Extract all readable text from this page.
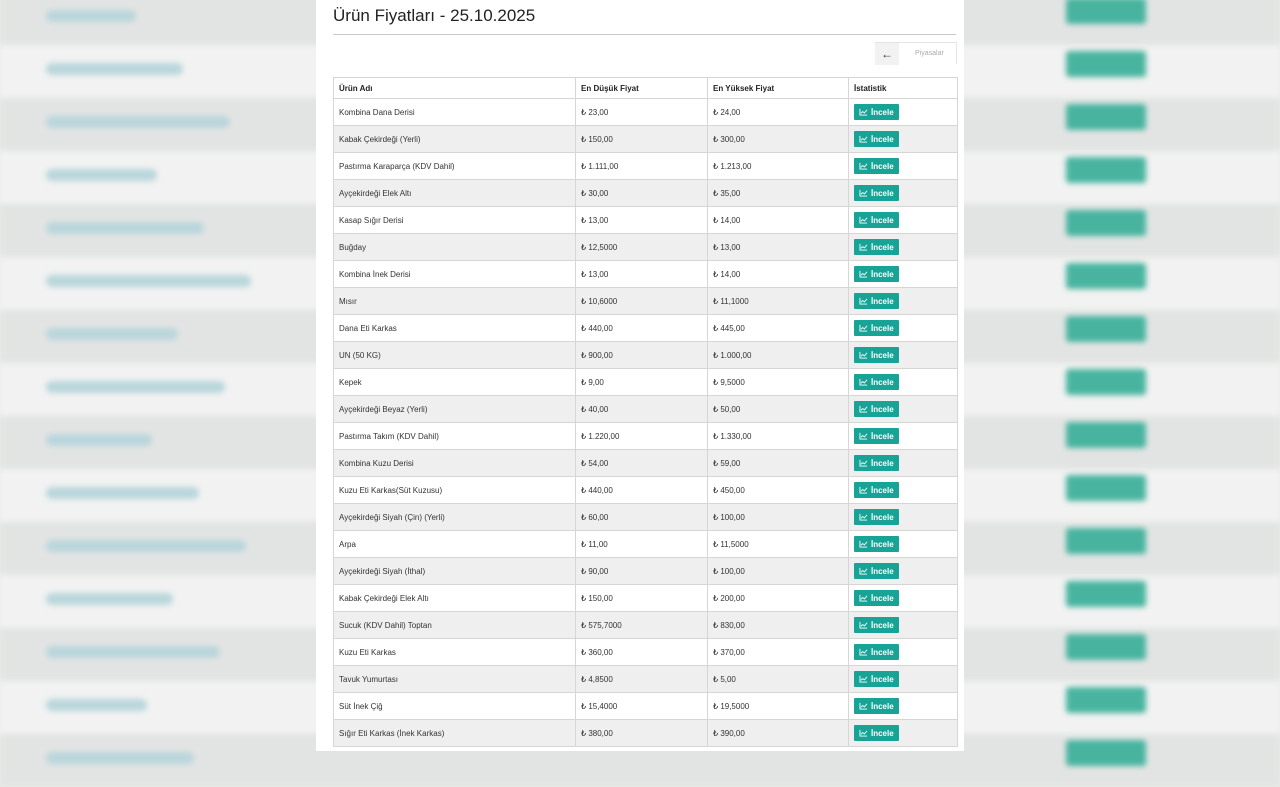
Ürün Fiyatları - 25.10.2025
←	Piyasalar
Ürün Adı	En Düşük Fiyat	En Yüksek Fiyat	İstatistik
Kombina Dana Derisi	₺ 23,00	₺ 24,00	İncele

Kabak Çekirdeği (Yerli)	₺ 150,00	₺ 300,00	İncele

Pastırma Karaparça (KDV Dahil)	₺ 1.111,00	₺ 1.213,00	İncele

Ayçekirdeği Elek Altı	₺ 30,00	₺ 35,00	İncele

Kasap Sığır Derisi	₺ 13,00	₺ 14,00	İncele

Buğday	₺ 12,5000	₺ 13,00	İncele

Kombina İnek Derisi	₺ 13,00	₺ 14,00	İncele

Mısır	₺ 10,6000	₺ 11,1000	İncele

Dana Eti Karkas	₺ 440,00	₺ 445,00	İncele

UN (50 KG)	₺ 900,00	₺ 1.000,00	İncele

Kepek	₺ 9,00	₺ 9,5000	İncele

Ayçekirdeği Beyaz (Yerli)	₺ 40,00	₺ 50,00	İncele

Pastırma Takım (KDV Dahil)	₺ 1.220,00	₺ 1.330,00	İncele

Kombina Kuzu Derisi	₺ 54,00	₺ 59,00	İncele

Kuzu Eti Karkas(Süt Kuzusu)	₺ 440,00	₺ 450,00	İncele

Ayçekirdeği Siyah (Çin) (Yerli)	₺ 60,00	₺ 100,00	İncele

Arpa	₺ 11,00	₺ 11,5000	İncele

Ayçekirdeği Siyah (İthal)	₺ 90,00	₺ 100,00	İncele

Kabak Çekirdeği Elek Altı	₺ 150,00	₺ 200,00	İncele

Sucuk (KDV Dahil) Toptan	₺ 575,7000	₺ 830,00	İncele

Kuzu Eti Karkas	₺ 360,00	₺ 370,00	İncele

Tavuk Yumurtası	₺ 4,8500	₺ 5,00	İncele

Süt İnek Çiğ	₺ 15,4000	₺ 19,5000	İncele

Sığır Eti Karkas (İnek Karkas)	₺ 380,00	₺ 390,00	İncele
